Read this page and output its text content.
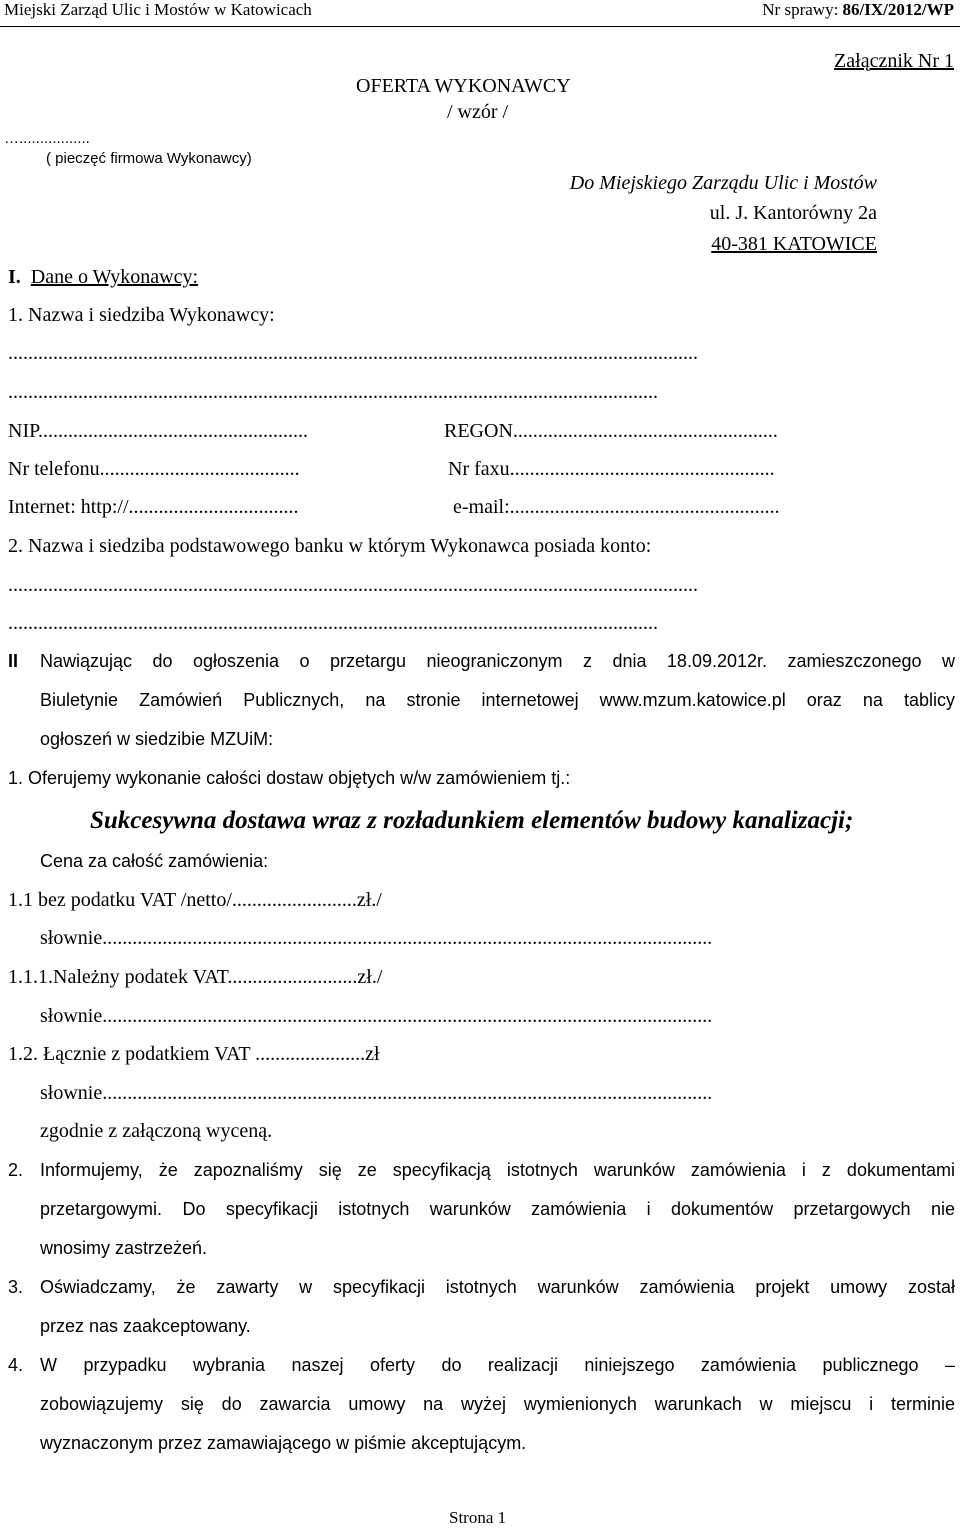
Miejski Zarząd Ulic i Mostów w Katowicach	Nr sprawy: 86/IX/2012/WP
Załącznik Nr 1
OFERTA WYKONAWCY
/ wzór /
….................
( pieczęć firmowa Wykonawcy)
Do Miejskiego Zarządu Ulic i Mostów
ul. J. Kantorówny 2a
40-381 KATOWICE
I. Dane o Wykonawcy:
1. Nazwa i siedziba Wykonawcy:
..........................................................................................................................................
..................................................................................................................................
NIP......................................................	REGON.....................................................
Nr telefonu........................................	Nr faxu.....................................................
Internet: http://..................................	e-mail:......................................................
2. Nazwa i siedziba podstawowego banku w którym Wykonawca posiada konto:
..........................................................................................................................................
..................................................................................................................................
II Nawiązując do ogłoszenia o przetargu nieograniczonym z dnia 18.09.2012r. zamieszczonego w
Biuletynie Zamówień Publicznych, na stronie internetowej www.mzum.katowice.pl oraz na tablicy
ogłoszeń w siedzibie MZUiM:
1. Oferujemy wykonanie całości dostaw objętych w/w zamówieniem tj.:
Sukcesywna dostawa wraz z rozładunkiem elementów budowy kanalizacji;
Cena za całość zamówienia:
1.1 bez podatku VAT /netto/.........................zł./
słownie..........................................................................................................................
1.1.1.Należny podatek VAT..........................zł./
słownie..........................................................................................................................
1.2. Łącznie z podatkiem VAT ......................zł
słownie..........................................................................................................................
zgodnie z załączoną wyceną.
2. Informujemy, że zapoznaliśmy się ze specyfikacją istotnych warunków zamówienia i z dokumentami
przetargowymi. Do specyfikacji istotnych warunków zamówienia i dokumentów przetargowych nie
wnosimy zastrzeżeń.
3. Oświadczamy, że zawarty w specyfikacji istotnych warunków zamówienia projekt umowy został
przez nas zaakceptowany.
4. W przypadku wybrania naszej oferty do realizacji niniejszego zamówienia publicznego –
zobowiązujemy się do zawarcia umowy na wyżej wymienionych warunkach w miejscu i terminie
wyznaczonym przez zamawiającego w piśmie akceptującym.
Strona 1
